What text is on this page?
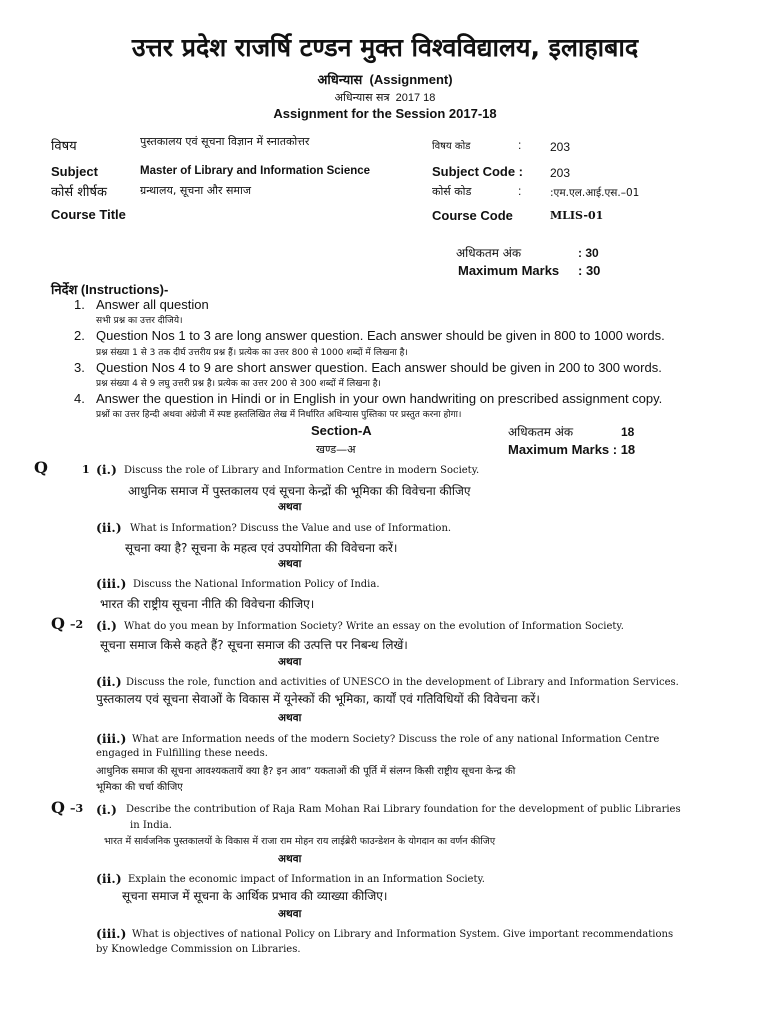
उत्तर प्रदेश राजर्षि टण्डन मुक्त विश्वविद्यालय, इलाहाबाद
अधिन्यास (Assignment)
अधिन्यास सत्र 2017 18
Assignment for the Session 2017-18
विषय	पुस्तकालय एवं सूचना विज्ञान में स्नातकोत्तर	विषय कोड	: 203
Subject	Master of Library and Information Science	Subject Code : 203
कोर्स शीर्षक	ग्रन्थालय, सूचना और समाज	कोर्स कोड	:	:एम.एल.आई.एस.–01
Course Title	Course Code	MLIS-01
अधिकतम अंक	: 30
Maximum Marks : 30
निर्देश (Instructions)-
1. Answer all question
सभी प्रश्न का उत्तर दीजिये।
2. Question Nos 1 to 3 are long answer question. Each answer should be given in 800 to 1000 words.
प्रश्न संख्या 1 से 3 तक दीर्घ उत्तरीय प्रश्न हैं। प्रत्येक का उत्तर 800 से 1000 शब्दों में लिखना है।
3. Question Nos 4 to 9 are short answer question. Each answer should be given in 200 to 300 words.
प्रश्न संख्या 4 से 9 लघु उत्तरी प्रश्न है। प्रत्येक का उत्तर 200 से 300 शब्दों में लिखना है।
4. Answer the question in Hindi or in English in your own handwriting on prescribed assignment copy.
प्रश्नों का उत्तर हिन्दी अथवा अंग्रेजी में स्पष्ट हस्तलिखित लेख में निर्धारित अधिन्यास पुस्तिका पर प्रस्तुत करना होगा।
Section-A	अधिकतम अंक	18
खण्ड—अ	Maximum Marks : 18
Q	1 (i.) Discuss the role of Library and Information Centre in modern Society.
आधुनिक समाज में पुस्तकालय एवं सूचना केन्द्रों की भूमिका की विवेचना कीजिए
अथवा
(ii.) What is Information? Discuss the Value and use of Information.
सूचना क्या है? सूचना के महत्व एवं उपयोगिता की विवेचना करें।
अथवा
(iii.) Discuss the National Information Policy of India.
भारत की राष्ट्रीय सूचना नीति की विवेचना कीजिए।
Q –2 (i.) What do you mean by Information Society? Write an essay on the evolution of Information Society.
सूचना समाज किसे कहते हैं? सूचना समाज की उत्पत्ति पर निबन्ध लिखें।
अथवा
(ii.) Discuss the role, function and activities of UNESCO in the development of Library and Information Services.
पुस्तकालय एवं सूचना सेवाओं के विकास में यूनेस्कों की भूमिका, कार्यों एवं गतिविधियों की विवेचना करें।
अथवा
(iii.) What are Information needs of the modern Society? Discuss the role of any national Information Centre
engaged in Fulfilling these needs.
आधुनिक समाज की सूचना आवश्यकतायें क्या है? इन आव” यकताओं की पूर्ति में संलग्न किसी राष्ट्रीय सूचना केन्द्र की
भूमिका की चर्चा कीजिए
Q –3 (i.) Describe the contribution of Raja Ram Mohan Rai Library foundation for the development of public Libraries
in India.
भारत में सार्वजनिक पुस्तकालयों के विकास में राजा राम मोहन राय लाईब्रेरी फाउन्डेशन के योगदान का वर्णन कीजिए
अथवा
(ii.) Explain the economic impact of Information in an Information Society.
सूचना समाज में सूचना के आर्थिक प्रभाव की व्याख्या कीजिए।
अथवा
(iii.) What is objectives of national Policy on Library and Information System. Give important recommendations
by Knowledge Commission on Libraries.
